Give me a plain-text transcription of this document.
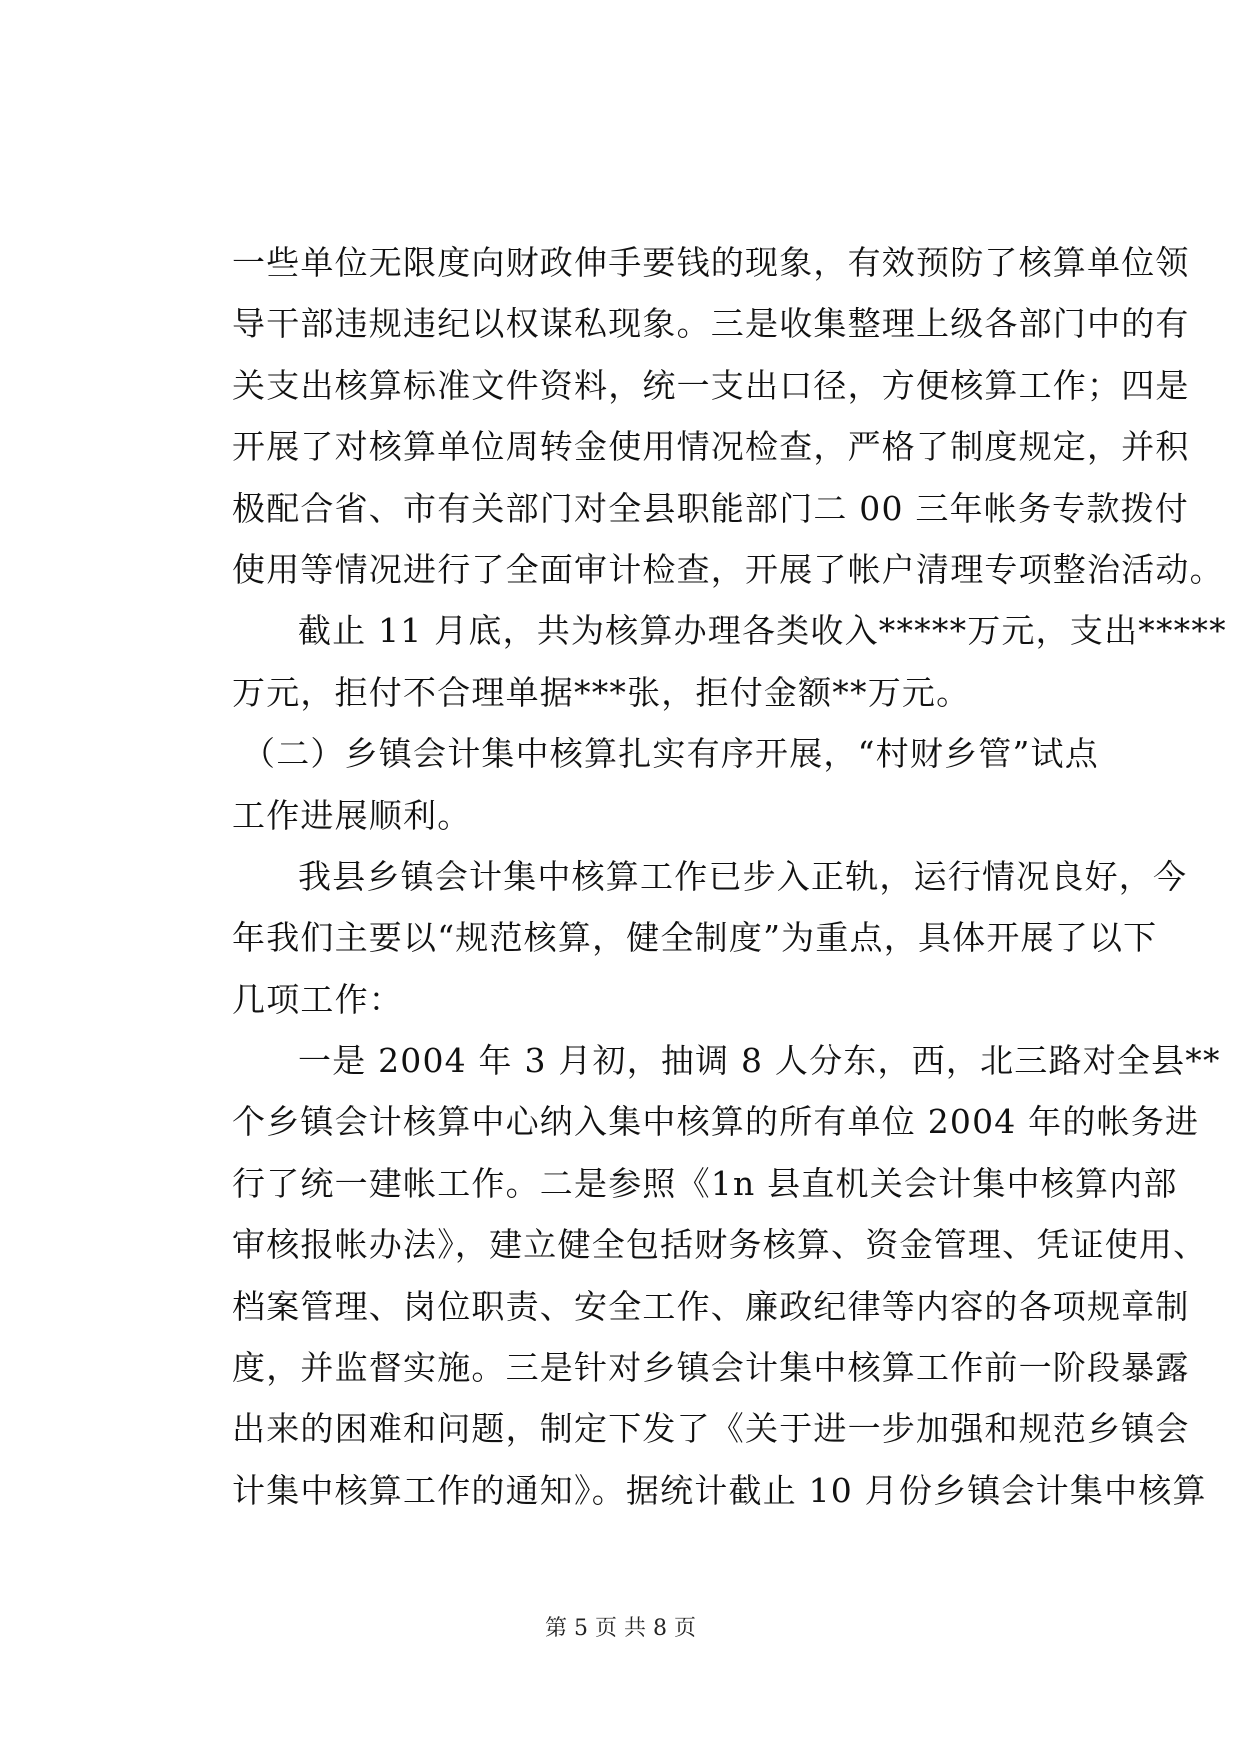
一些单位无限度向财政伸手要钱的现象，有效预防了核算单位领
导干部违规违纪以权谋私现象。三是收集整理上级各部门中的有
关支出核算标准文件资料，统一支出口径，方便核算工作；四是
开展了对核算单位周转金使用情况检查，严格了制度规定，并积
极配合省、市有关部门对全县职能部门二 00 三年帐务专款拨付
使用等情况进行了全面审计检查，开展了帐户清理专项整治活动。
截止 11 月底，共为核算办理各类收入*****万元，支出*****
万元，拒付不合理单据***张，拒付金额**万元。
（二）乡镇会计集中核算扎实有序开展，“村财乡管”试点
工作进展顺利。
我县乡镇会计集中核算工作已步入正轨，运行情况良好，今
年我们主要以“规范核算，健全制度”为重点，具体开展了以下
几项工作：
一是 2004 年 3 月初，抽调 8 人分东，西，北三路对全县**
个乡镇会计核算中心纳入集中核算的所有单位 2004 年的帐务进
行了统一建帐工作。二是参照《1n 县直机关会计集中核算内部
审核报帐办法》，建立健全包括财务核算、资金管理、凭证使用、
档案管理、岗位职责、安全工作、廉政纪律等内容的各项规章制
度，并监督实施。三是针对乡镇会计集中核算工作前一阶段暴露
出来的困难和问题，制定下发了《关于进一步加强和规范乡镇会
计集中核算工作的通知》。据统计截止 10 月份乡镇会计集中核算
第 5 页 共 8 页
